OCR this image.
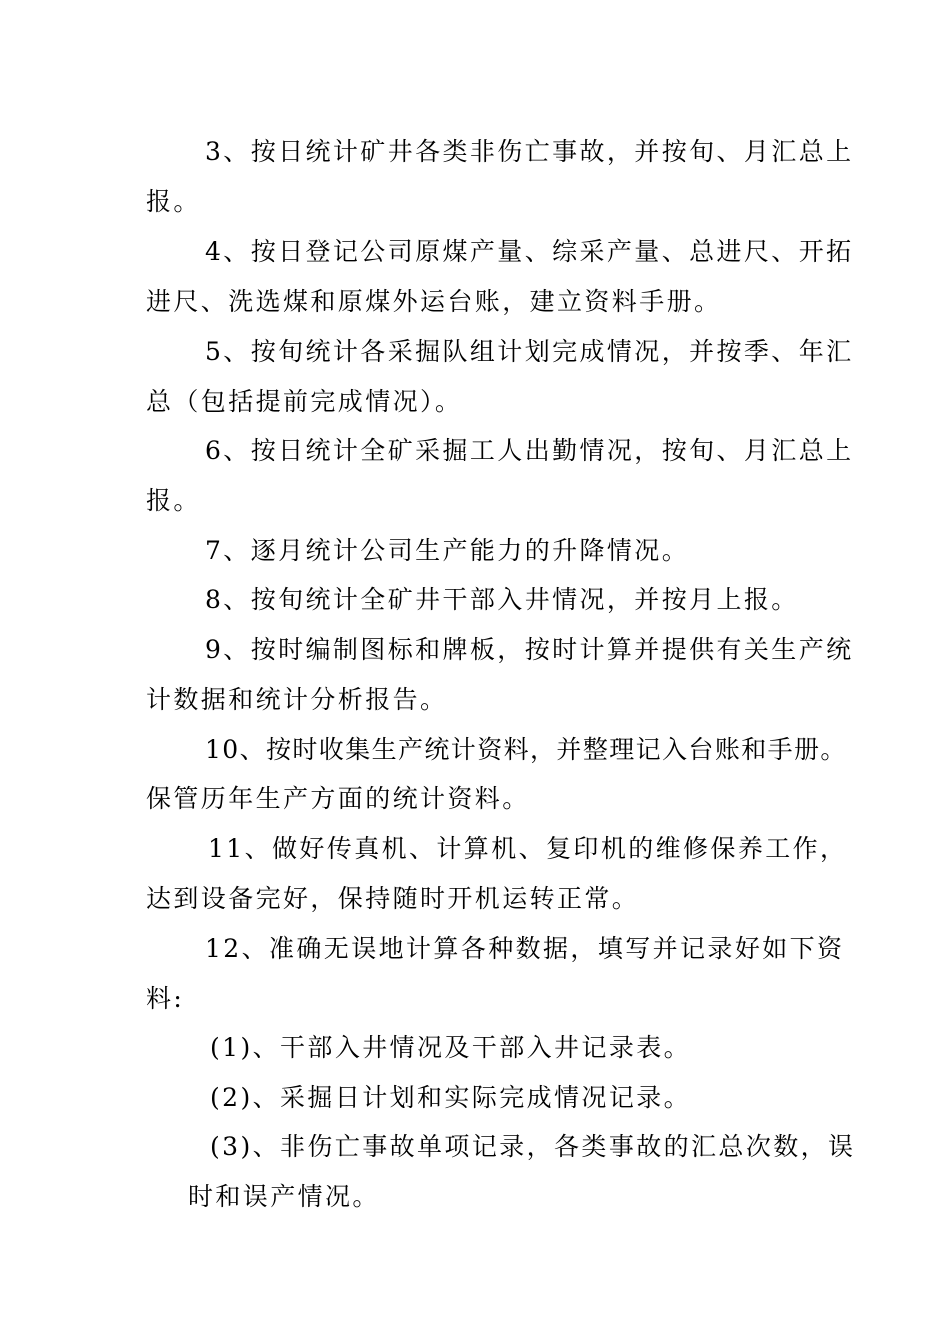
3、按日统计矿井各类非伤亡事故，并按旬、月汇总上
报。
4、按日登记公司原煤产量、综采产量、总进尺、开拓
进尺、洗选煤和原煤外运台账，建立资料手册。
5、按旬统计各采掘队组计划完成情况，并按季、年汇
总（包括提前完成情况）。
6、按日统计全矿采掘工人出勤情况，按旬、月汇总上
报。
7、逐月统计公司生产能力的升降情况。
8、按旬统计全矿井干部入井情况，并按月上报。
9、按时编制图标和牌板，按时计算并提供有关生产统
计数据和统计分析报告。
10、按时收集生产统计资料，并整理记入台账和手册。
保管历年生产方面的统计资料。
11、做好传真机、计算机、复印机的维修保养工作，
达到设备完好，保持随时开机运转正常。
12、准确无误地计算各种数据，填写并记录好如下资
料:
(1)、干部入井情况及干部入井记录表。
(2)、采掘日计划和实际完成情况记录。
(3)、非伤亡事故单项记录，各类事故的汇总次数，误
时和误产情况。
